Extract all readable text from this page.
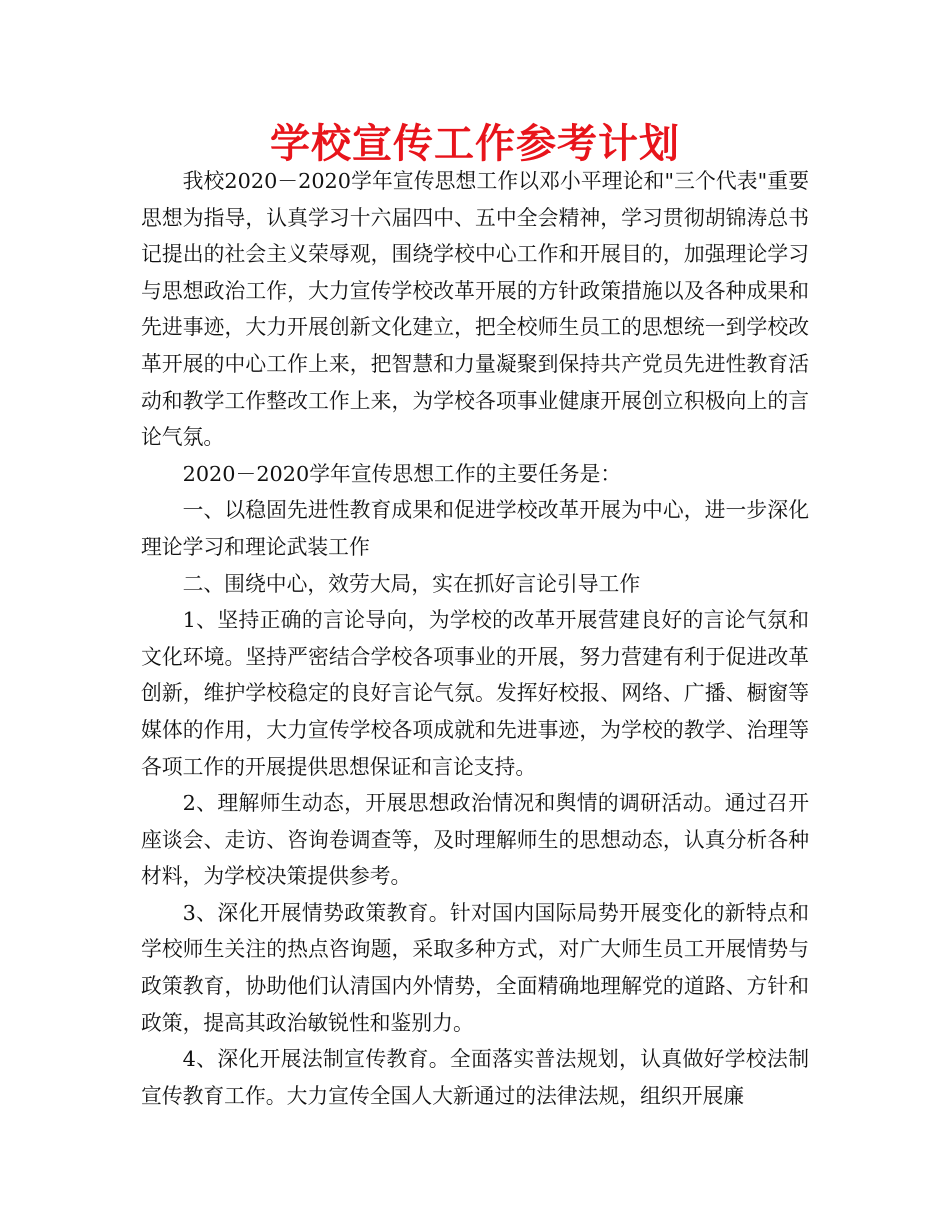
学校宣传工作参考计划

我校2020－2020学年宣传思想工作以邓小平理论和"三个代表"重要思想为指导，认真学习十六届四中、五中全会精神，学习贯彻胡锦涛总书记提出的社会主义荣辱观，围绕学校中心工作和开展目的，加强理论学习与思想政治工作，大力宣传学校改革开展的方针政策措施以及各种成果和先进事迹，大力开展创新文化建立，把全校师生员工的思想统一到学校改革开展的中心工作上来，把智慧和力量凝聚到保持共产党员先进性教育活动和教学工作整改工作上来，为学校各项事业健康开展创立积极向上的言论气氛。

2020－2020学年宣传思想工作的主要任务是：

一、以稳固先进性教育成果和促进学校改革开展为中心，进一步深化理论学习和理论武装工作

二、围绕中心，效劳大局，实在抓好言论引导工作

1、坚持正确的言论导向，为学校的改革开展营建良好的言论气氛和文化环境。坚持严密结合学校各项事业的开展，努力营建有利于促进改革创新，维护学校稳定的良好言论气氛。发挥好校报、网络、广播、橱窗等媒体的作用，大力宣传学校各项成就和先进事迹，为学校的教学、治理等各项工作的开展提供思想保证和言论支持。

2、理解师生动态，开展思想政治情况和舆情的调研活动。通过召开座谈会、走访、咨询卷调查等，及时理解师生的思想动态，认真分析各种材料，为学校决策提供参考。

3、深化开展情势政策教育。针对国内国际局势开展变化的新特点和学校师生关注的热点咨询题，采取多种方式，对广大师生员工开展情势与政策教育，协助他们认清国内外情势，全面精确地理解党的道路、方针和政策，提高其政治敏锐性和鉴别力。

4、深化开展法制宣传教育。全面落实普法规划，认真做好学校法制宣传教育工作。大力宣传全国人大新通过的法律法规，组织开展廉
